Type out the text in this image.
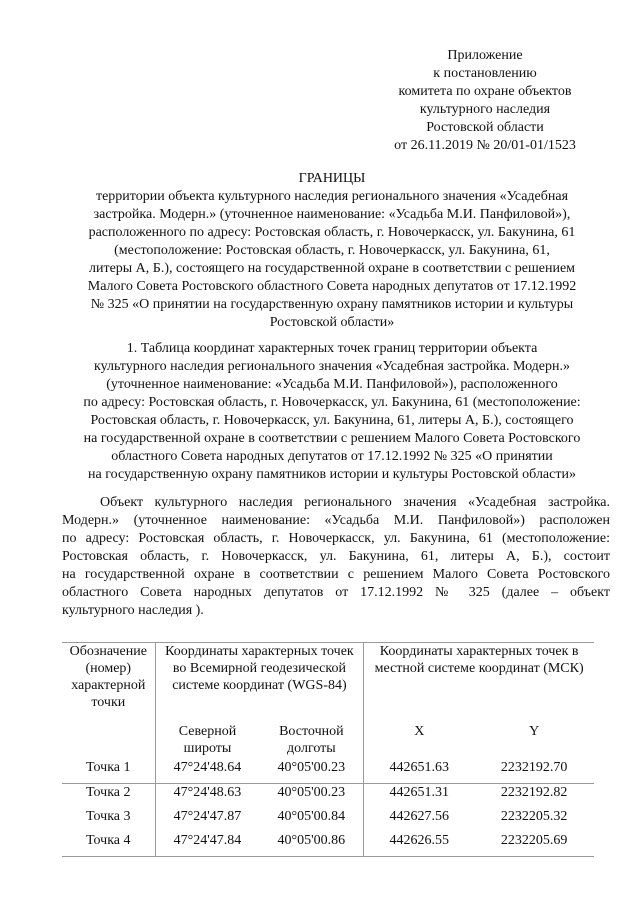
Приложение
к постановлению
комитета по охране объектов
культурного наследия
Ростовской области
от 26.11.2019 № 20/01-01/1523
ГРАНИЦЫ
территории объекта культурного наследия регионального значения «Усадебная
застройка. Модерн.» (уточненное наименование: «Усадьба М.И. Панфиловой»),
расположенного по адресу: Ростовская область, г. Новочеркасск, ул. Бакунина, 61
(местоположение: Ростовская область, г. Новочеркасск, ул. Бакунина, 61,
литеры А, Б.), состоящего на государственной охране в соответствии с решением
Малого Совета Ростовского областного Совета народных депутатов от 17.12.1992
№ 325 «О принятии на государственную охрану памятников истории и культуры
Ростовской области»
1. Таблица координат характерных точек границ территории объекта
культурного наследия регионального значения «Усадебная застройка. Модерн.»
(уточненное наименование: «Усадьба М.И. Панфиловой»), расположенного
по адресу: Ростовская область, г. Новочеркасск, ул. Бакунина, 61 (местоположение:
Ростовская область, г. Новочеркасск, ул. Бакунина, 61, литеры А, Б.), состоящего
на государственной охране в соответствии с решением Малого Совета Ростовского
областного Совета народных депутатов от 17.12.1992 № 325 «О принятии
на государственную охрану памятников истории и культуры Ростовской области»
Объект культурного наследия регионального значения «Усадебная застройка.
Модерн.» (уточненное наименование: «Усадьба М.И. Панфиловой») расположен
по адресу: Ростовская область, г. Новочеркасск, ул. Бакунина, 61 (местоположение:
Ростовская область, г. Новочеркасск, ул. Бакунина, 61, литеры А, Б.), состоит
на государственной охране в соответствии с решением Малого Совета Ростовского
областного Совета народных депутатов от 17.12.1992 № 325 (далее – объект
культурного наследия ).
Обозначение (номер) характерной точки	Координаты характерных точек во Всемирной геодезической системе координат (WGS-84)		Координаты характерных точек в местной системе координат (МСК)	
	Северной широты	Восточной долготы	X	Y
Точка 1	47°24'48.64	40°05'00.23	442651.63	2232192.70
Точка 2	47°24'48.63	40°05'00.23	442651.31	2232192.82
Точка 3	47°24'47.87	40°05'00.84	442627.56	2232205.32
Точка 4	47°24'47.84	40°05'00.86	442626.55	2232205.69
